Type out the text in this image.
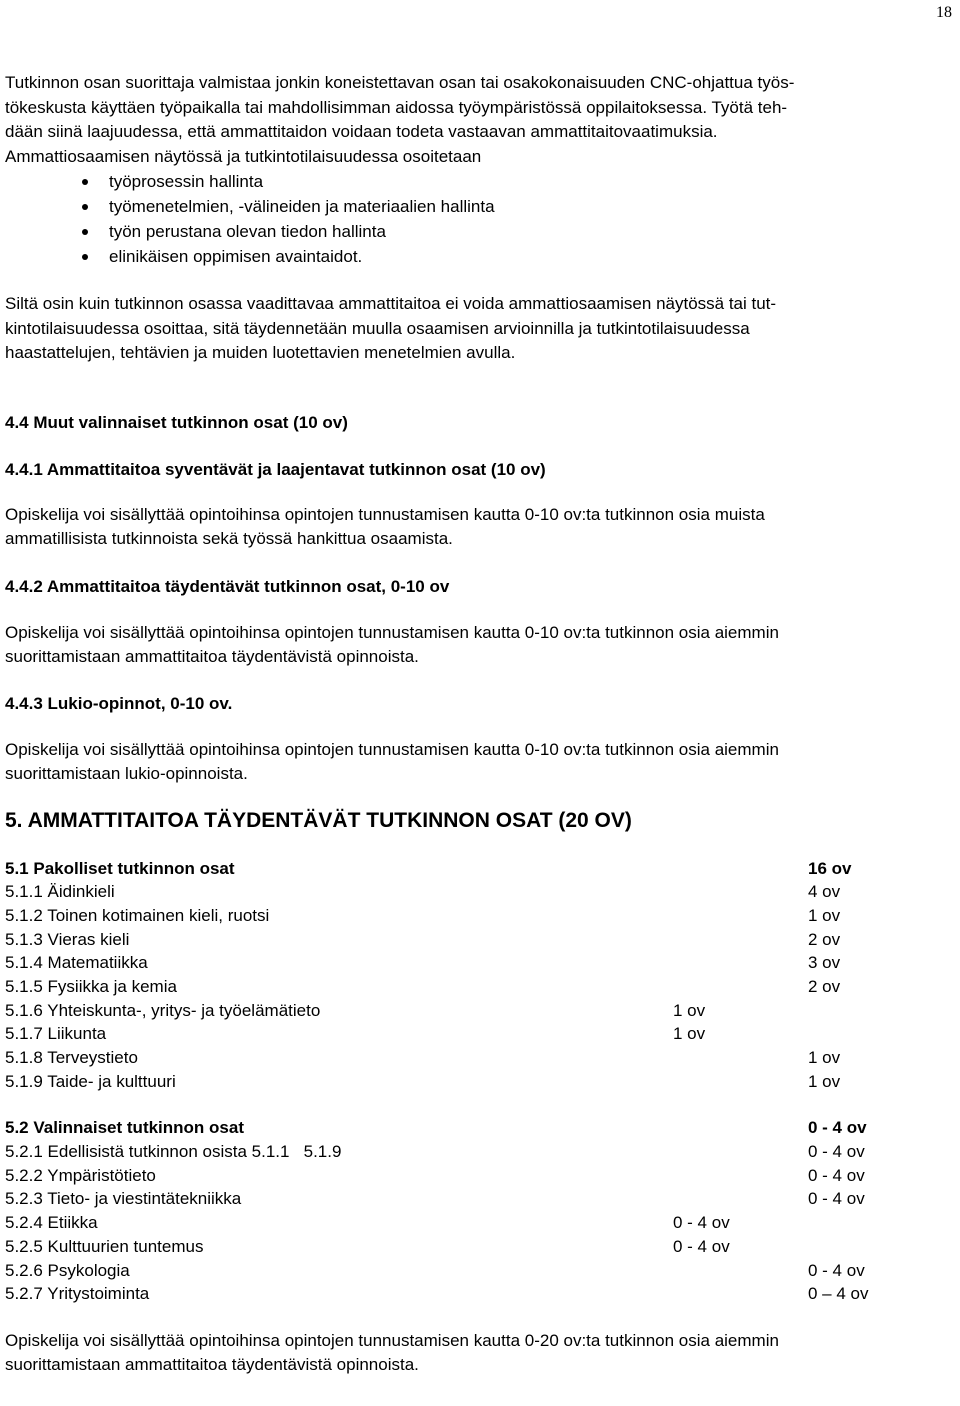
18

Tutkinnon osan suorittaja valmistaa jonkin koneistettavan osan tai osakokonaisuuden CNC-ohjattua työs-
tökeskusta käyttäen työpaikalla tai mahdollisimman aidossa työympäristössä oppilaitoksessa. Työtä teh-
dään siinä laajuudessa, että ammattitaidon voidaan todeta vastaavan ammattitaitovaatimuksia.

Ammattiosaamisen näytössä ja tutkintotilaisuudessa osoitetaan

työprosessin hallinta
työmenetelmien, -välineiden ja materiaalien hallinta
työn perustana olevan tiedon hallinta
elinikäisen oppimisen avaintaidot.

Siltä osin kuin tutkinnon osassa vaadittavaa ammattitaitoa ei voida ammattiosaamisen näytössä tai tut-
kintotilaisuudessa osoittaa, sitä täydennetään muulla osaamisen arvioinnilla ja tutkintotilaisuudessa
haastattelujen, tehtävien ja muiden luotettavien menetelmien avulla.

4.4 Muut valinnaiset tutkinnon osat (10 ov)
4.4.1 Ammattitaitoa syventävät ja laajentavat tutkinnon osat (10 ov)

Opiskelija voi sisällyttää opintoihinsa opintojen tunnustamisen kautta 0-10 ov:ta tutkinnon osia muista
ammatillisista tutkinnoista sekä työssä hankittua osaamista.

4.4.2 Ammattitaitoa täydentävät tutkinnon osat, 0-10 ov

Opiskelija voi sisällyttää opintoihinsa opintojen tunnustamisen kautta 0-10 ov:ta tutkinnon osia aiemmin
suorittamistaan ammattitaitoa täydentävistä opinnoista.

4.4.3 Lukio-opinnot, 0-10 ov.

Opiskelija voi sisällyttää opintoihinsa opintojen tunnustamisen kautta 0-10 ov:ta tutkinnon osia aiemmin
suorittamistaan lukio-opinnoista.

5. AMMATTITAITOA TÄYDENTÄVÄT TUTKINNON OSAT (20 OV)
5.1 Pakolliset tutkinnon osat	16 ov
5.1.1 Äidinkieli	4 ov
5.1.2 Toinen kotimainen kieli, ruotsi	1 ov
5.1.3 Vieras kieli	2 ov
5.1.4 Matematiikka	3 ov
5.1.5 Fysiikka ja kemia	2 ov
5.1.6 Yhteiskunta-, yritys- ja työelämätieto	1 ov
5.1.7 Liikunta	1 ov
5.1.8 Terveystieto	1 ov
5.1.9 Taide- ja kulttuuri	1 ov
5.2 Valinnaiset tutkinnon osat	0 - 4 ov
5.2.1 Edellisistä tutkinnon osista 5.1.1   5.1.9	0 - 4 ov
5.2.2 Ympäristötieto	0 - 4 ov
5.2.3 Tieto- ja viestintätekniikka	0 - 4 ov
5.2.4 Etiikka	0 - 4 ov
5.2.5 Kulttuurien tuntemus	0 - 4 ov
5.2.6 Psykologia	0 - 4 ov
5.2.7 Yritystoiminta	0 – 4 ov

Opiskelija voi sisällyttää opintoihinsa opintojen tunnustamisen kautta 0-20 ov:ta tutkinnon osia aiemmin
suorittamistaan ammattitaitoa täydentävistä opinnoista.
